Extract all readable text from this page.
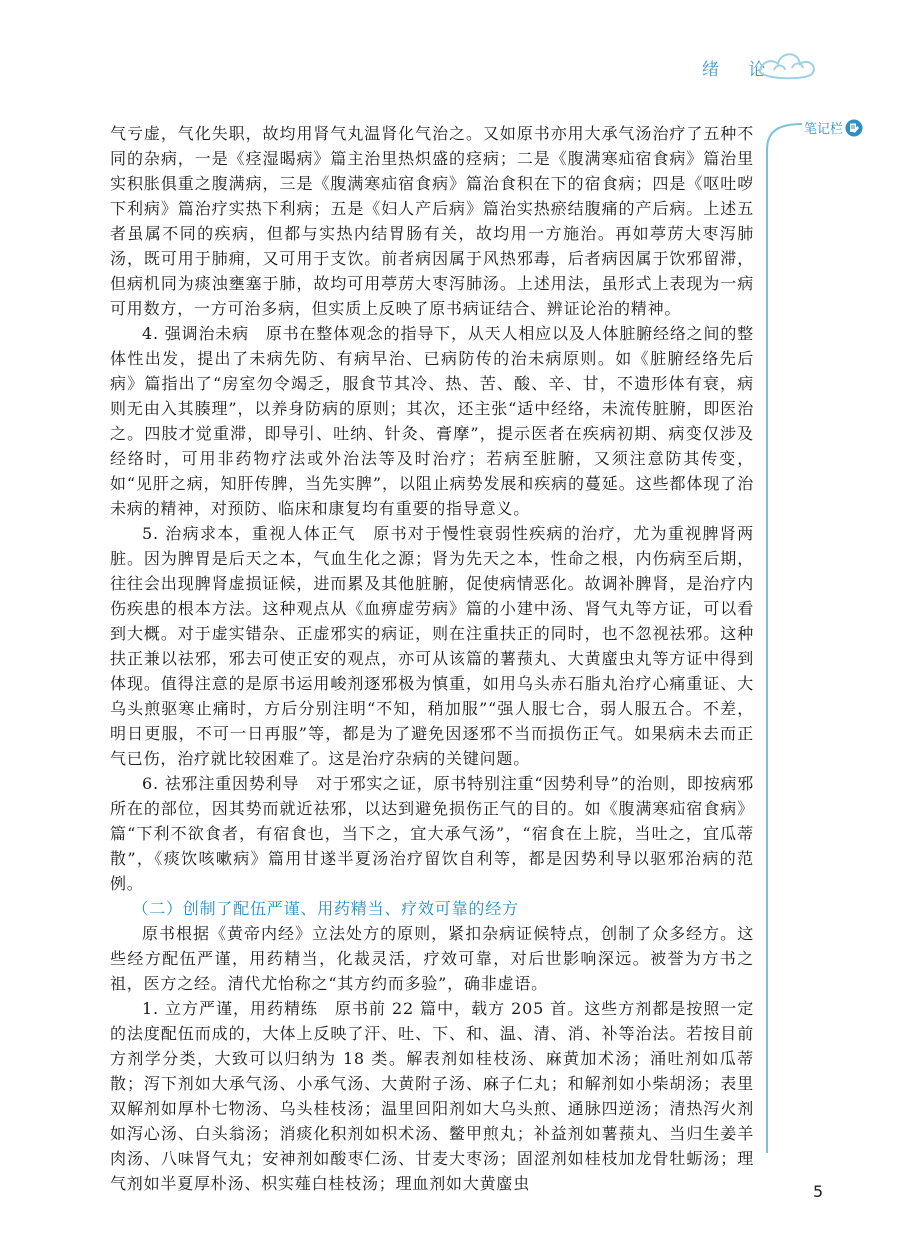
绪 论
笔记栏

气亏虚，气化失职，故均用肾气丸温肾化气治之。又如原书亦用大承气汤治疗了五种不同的杂病，一是《痉湿暍病》篇主治里热炽盛的痉病；二是《腹满寒疝宿食病》篇治里实积胀俱重之腹满病，三是《腹满寒疝宿食病》篇治食积在下的宿食病；四是《呕吐哕下利病》篇治疗实热下利病；五是《妇人产后病》篇治实热瘀结腹痛的产后病。上述五者虽属不同的疾病，但都与实热内结胃肠有关，故均用一方施治。再如葶苈大枣泻肺汤，既可用于肺痈，又可用于支饮。前者病因属于风热邪毒，后者病因属于饮邪留滞，但病机同为痰浊壅塞于肺，故均可用葶苈大枣泻肺汤。上述用法，虽形式上表现为一病可用数方，一方可治多病，但实质上反映了原书病证结合、辨证论治的精神。

4. 强调治未病　原书在整体观念的指导下，从天人相应以及人体脏腑经络之间的整体性出发，提出了未病先防、有病早治、已病防传的治未病原则。如《脏腑经络先后病》篇指出了“房室勿令竭乏，服食节其冷、热、苦、酸、辛、甘，不遗形体有衰，病则无由入其腠理”，以养身防病的原则；其次，还主张“适中经络，未流传脏腑，即医治之。四肢才觉重滞，即导引、吐纳、针灸、膏摩”，提示医者在疾病初期、病变仅涉及经络时，可用非药物疗法或外治法等及时治疗；若病至脏腑，又须注意防其传变，如“见肝之病，知肝传脾，当先实脾”，以阻止病势发展和疾病的蔓延。这些都体现了治未病的精神，对预防、临床和康复均有重要的指导意义。

5. 治病求本，重视人体正气　原书对于慢性衰弱性疾病的治疗，尤为重视脾肾两脏。因为脾胃是后天之本，气血生化之源；肾为先天之本，性命之根，内伤病至后期，往往会出现脾肾虚损证候，进而累及其他脏腑，促使病情恶化。故调补脾肾，是治疗内伤疾患的根本方法。这种观点从《血痹虚劳病》篇的小建中汤、肾气丸等方证，可以看到大概。对于虚实错杂、正虚邪实的病证，则在注重扶正的同时，也不忽视祛邪。这种扶正兼以祛邪，邪去可使正安的观点，亦可从该篇的薯蓣丸、大黄䗪虫丸等方证中得到体现。值得注意的是原书运用峻剂逐邪极为慎重，如用乌头赤石脂丸治疗心痛重证、大乌头煎驱寒止痛时，方后分别注明“不知，稍加服”“强人服七合，弱人服五合。不差，明日更服，不可一日再服”等，都是为了避免因逐邪不当而损伤正气。如果病未去而正气已伤，治疗就比较困难了。这是治疗杂病的关键问题。

6. 祛邪注重因势利导　对于邪实之证，原书特别注重“因势利导”的治则，即按病邪所在的部位，因其势而就近祛邪，以达到避免损伤正气的目的。如《腹满寒疝宿食病》篇“下利不欲食者，有宿食也，当下之，宜大承气汤”，“宿食在上脘，当吐之，宜瓜蒂散”，《痰饮咳嗽病》篇用甘遂半夏汤治疗留饮自利等，都是因势利导以驱邪治病的范例。

（二）创制了配伍严谨、用药精当、疗效可靠的经方

原书根据《黄帝内经》立法处方的原则，紧扣杂病证候特点，创制了众多经方。这些经方配伍严谨，用药精当，化裁灵活，疗效可靠，对后世影响深远。被誉为方书之祖，医方之经。清代尤怡称之“其方约而多验”，确非虚语。

1. 立方严谨，用药精练　原书前 22 篇中，载方 205 首。这些方剂都是按照一定的法度配伍而成的，大体上反映了汗、吐、下、和、温、清、消、补等治法。若按目前方剂学分类，大致可以归纳为 18 类。解表剂如桂枝汤、麻黄加术汤；涌吐剂如瓜蒂散；泻下剂如大承气汤、小承气汤、大黄附子汤、麻子仁丸；和解剂如小柴胡汤；表里双解剂如厚朴七物汤、乌头桂枝汤；温里回阳剂如大乌头煎、通脉四逆汤；清热泻火剂如泻心汤、白头翁汤；消痰化积剂如枳术汤、鳖甲煎丸；补益剂如薯蓣丸、当归生姜羊肉汤、八味肾气丸；安神剂如酸枣仁汤、甘麦大枣汤；固涩剂如桂枝加龙骨牡蛎汤；理气剂如半夏厚朴汤、枳实薤白桂枝汤；理血剂如大黄䗪虫	5
